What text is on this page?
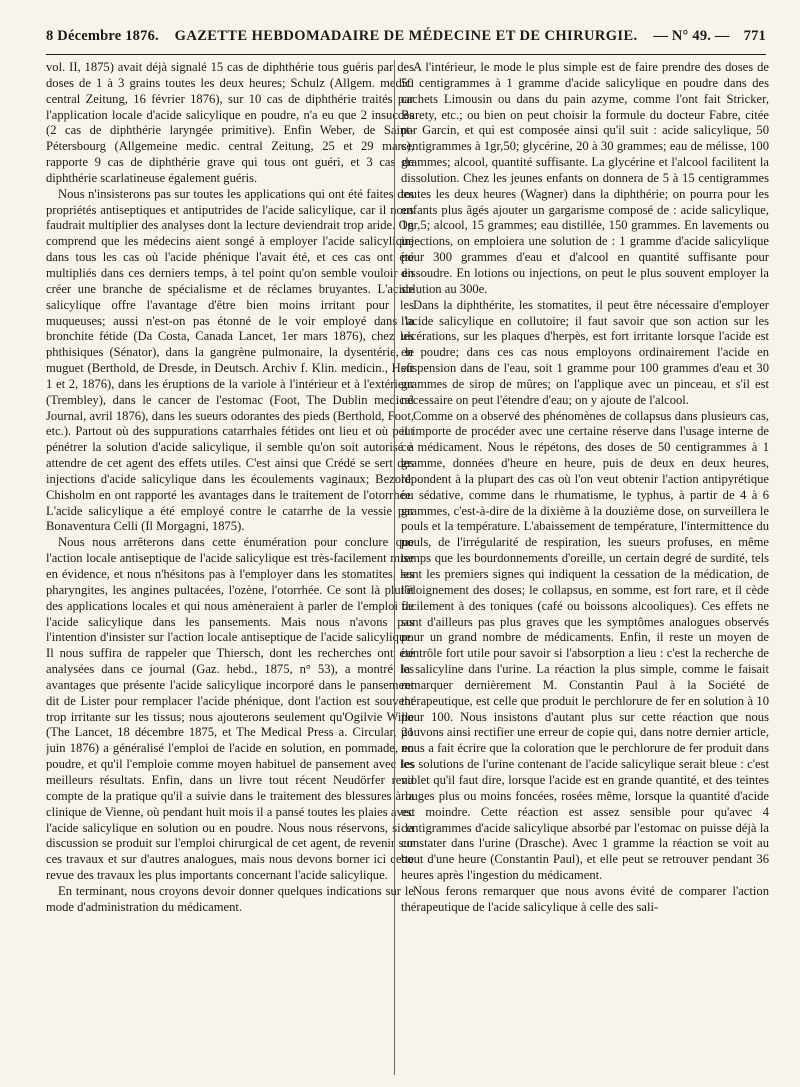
8 Décembre 1876. GAZETTE HEBDOMADAIRE DE MÉDECINE ET DE CHIRURGIE. — N° 49. — 771

vol. II, 1875) avait déjà signalé 15 cas de diphthérie tous guéris par des doses de 1 à 3 grains toutes les deux heures; Schulz (Allgem. medic. central Zeitung, 16 février 1876), sur 10 cas de diphthérie traités par l'application locale d'acide salicylique en poudre, n'a eu que 2 insuccès (2 cas de diphthérie laryngée primitive). Enfin Weber, de Saint-Pétersbourg (Allgemeine medic. central Zeitung, 25 et 29 mars), rapporte 9 cas de diphthérie grave qui tous ont guéri, et 3 cas de diphthérie scarlatineuse également guéris.

Nous n'insisterons pas sur toutes les applications qui ont été faites des propriétés antiseptiques et antiputrides de l'acide salicylique, car il nous faudrait multiplier des analyses dont la lecture deviendrait trop aride. On comprend que les médecins aient songé à employer l'acide salicylique dans tous les cas où l'acide phénique l'avait été, et ces cas ont été multipliés dans ces derniers temps, à tel point qu'on semble vouloir en créer une branche de spécialisme et de réclames bruyantes. L'acide salicylique offre l'avantage d'être bien moins irritant pour les muqueuses; aussi n'est-on pas étonné de le voir employé dans la bronchite fétide (Da Costa, Canada Lancet, 1er mars 1876), chez les phthisiques (Sénator), dans la gangrène pulmonaire, la dysentérie, le muguet (Berthold, de Dresde, in Deutsch. Archiv f. Klin. medicin., Heft 1 et 2, 1876), dans les éruptions de la variole à l'intérieur et à l'extérieur (Trembley), dans le cancer de l'estomac (Foot, The Dublin medical Journal, avril 1876), dans les sueurs odorantes des pieds (Berthold, Foot, etc.). Partout où des suppurations catarrhales fétides ont lieu et où peut pénétrer la solution d'acide salicylique, il semble qu'on soit autorisé à attendre de cet agent des effets utiles. C'est ainsi que Crédé se sert des injections d'acide salicylique dans les écoulements vaginaux; Bezold, Chisholm en ont rapporté les avantages dans le traitement de l'otorrhée. L'acide salicylique a été employé contre le catarrhe de la vessie par Bonaventura Celli (Il Morgagni, 1875).

Nous nous arrêterons dans cette énumération pour conclure que l'action locale antiseptique de l'acide salicylique est très-facilement mise en évidence, et nous n'hésitons pas à l'employer dans les stomatites, les pharyngites, les angines pultacées, l'ozène, l'otorrhée. Ce sont là plutôt des applications locales et qui nous amèneraient à parler de l'emploi de l'acide salicylique dans les pansements. Mais nous n'avons pas l'intention d'insister sur l'action locale antiseptique de l'acide salicylique. Il nous suffira de rappeler que Thiersch, dont les recherches ont été analysées dans ce journal (Gaz. hebd., 1875, n° 53), a montré les avantages que présente l'acide salicylique incorporé dans le pansement dit de Lister pour remplacer l'acide phénique, dont l'action est souvent trop irritante sur les tissus; nous ajouterons seulement qu'Ogilvie Wille (The Lancet, 18 décembre 1875, et The Medical Press a. Circular, 21 juin 1876) a généralisé l'emploi de l'acide en solution, en pommade, en poudre, et qu'il l'emploie comme moyen habituel de pansement avec les meilleurs résultats. Enfin, dans un livre tout récent Neudörfer rend compte de la pratique qu'il a suivie dans le traitement des blessures à la clinique de Vienne, où pendant huit mois il a pansé toutes les plaies avec l'acide salicylique en solution ou en poudre. Nous nous réservons, si la discussion se produit sur l'emploi chirurgical de cet agent, de revenir sur ces travaux et sur d'autres analogues, mais nous devons borner ici cette revue des travaux les plus importants concernant l'acide salicylique.

En terminant, nous croyons devoir donner quelques indications sur le mode d'administration du médicament.

A l'intérieur, le mode le plus simple est de faire prendre des doses de 50 centigrammes à 1 gramme d'acide salicylique en poudre dans des cachets Limousin ou dans du pain azyme, comme l'ont fait Stricker, Barety, etc.; ou bien on peut choisir la formule du docteur Fabre, citée par Garcin, et qui est composée ainsi qu'il suit : acide salicylique, 50 centigrammes à 1gr,50; glycérine, 20 à 30 grammes; eau de mélisse, 100 grammes; alcool, quantité suffisante. La glycérine et l'alcool facilitent la dissolution. Chez les jeunes enfants on donnera de 5 à 15 centigrammes toutes les deux heures (Wagner) dans la diphthérie; on pourra pour les enfants plus âgés ajouter un gargarisme composé de : acide salicylique, 1gr,5; alcool, 15 grammes; eau distillée, 150 grammes. En lavements ou injections, on emploiera une solution de : 1 gramme d'acide salicylique pour 300 grammes d'eau et d'alcool en quantité suffisante pour dissoudre. En lotions ou injections, on peut le plus souvent employer la solution au 300e.

Dans la diphthérite, les stomatites, il peut être nécessaire d'employer l'acide salicylique en collutoire; il faut savoir que son action sur les ulcérations, sur les plaques d'herpès, est fort irritante lorsque l'acide est en poudre; dans ces cas nous employons ordinairement l'acide en suspension dans de l'eau, soit 1 gramme pour 100 grammes d'eau et 30 grammes de sirop de mûres; on l'applique avec un pinceau, et s'il est nécessaire on peut l'étendre d'eau; on y ajoute de l'alcool.

Comme on a observé des phénomènes de collapsus dans plusieurs cas, il importe de procéder avec une certaine réserve dans l'usage interne de ce médicament. Nous le répétons, des doses de 50 centigrammes à 1 gramme, données d'heure en heure, puis de deux en deux heures, répondent à la plupart des cas où l'on veut obtenir l'action antipyrétique ou sédative, comme dans le rhumatisme, le typhus, à partir de 4 à 6 grammes, c'est-à-dire de la dixième à la douzième dose, on surveillera le pouls et la température. L'abaissement de température, l'intermittence du pouls, de l'irrégularité de respiration, les sueurs profuses, en même temps que les bourdonnements d'oreille, un certain degré de surdité, tels sont les premiers signes qui indiquent la cessation de la médication, de l'éloignement des doses; le collapsus, en somme, est fort rare, et il cède facilement à des toniques (café ou boissons alcooliques). Ces effets ne sont d'ailleurs pas plus graves que les symptômes analogues observés pour un grand nombre de médicaments. Enfin, il reste un moyen de contrôle fort utile pour savoir si l'absorption a lieu : c'est la recherche de la salicyline dans l'urine. La réaction la plus simple, comme le faisait remarquer dernièrement M. Constantin Paul à la Société de thérapeutique, est celle que produit le perchlorure de fer en solution à 10 pour 100. Nous insistons d'autant plus sur cette réaction que nous pouvons ainsi rectifier une erreur de copie qui, dans notre dernier article, nous a fait écrire que la coloration que le perchlorure de fer produit dans les solutions de l'urine contenant de l'acide salicylique serait bleue : c'est violet qu'il faut dire, lorsque l'acide est en grande quantité, et des teintes rouges plus ou moins foncées, rosées même, lorsque la quantité d'acide est moindre. Cette réaction est assez sensible pour qu'avec 4 centigrammes d'acide salicylique absorbé par l'estomac on puisse déjà la constater dans l'urine (Drasche). Avec 1 gramme la réaction se voit au bout d'une heure (Constantin Paul), et elle peut se retrouver pendant 36 heures après l'ingestion du médicament.

Nous ferons remarquer que nous avons évité de comparer l'action thérapeutique de l'acide salicylique à celle des sali-
